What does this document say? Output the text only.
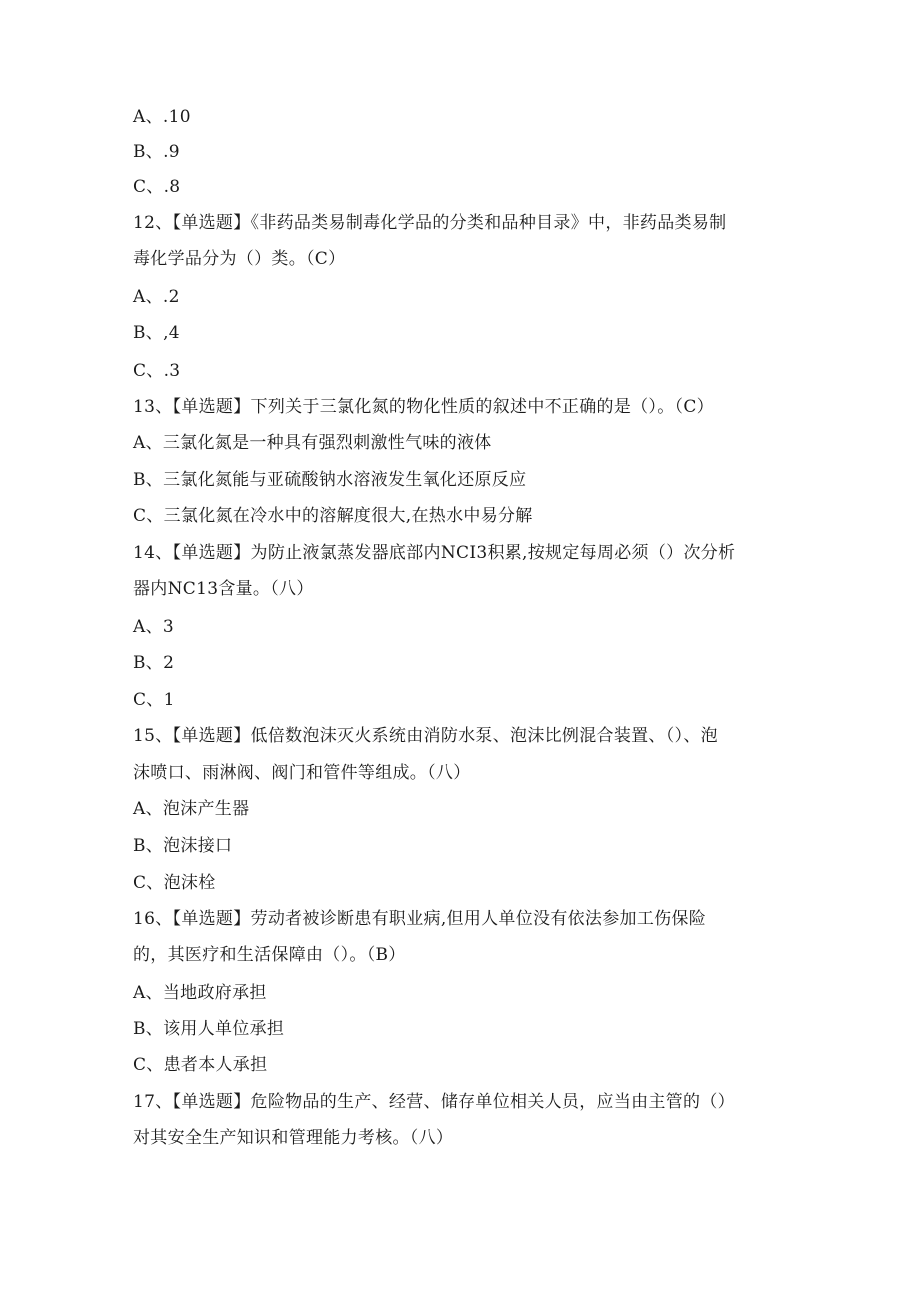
A、.10

B、.9

C、.8

12、【单选题】《非药品类易制毒化学品的分类和品种目录》中，非药品类易制

毒化学品分为（）类。（C）

A、.2

B、,4

C、.3

13、【单选题】下列关于三氯化氮的物化性质的叙述中不正确的是（）。（C）

A、三氯化氮是一种具有强烈刺激性气味的液体

B、三氯化氮能与亚硫酸钠水溶液发生氧化还原反应

C、三氯化氮在冷水中的溶解度很大,在热水中易分解

14、【单选题】为防止液氯蒸发器底部内NCI3积累,按规定每周必须（）次分析

器内NC13含量。（八）

A、3

B、2

C、1

15、【单选题】低倍数泡沫灭火系统由消防水泵、泡沫比例混合装置、（）、泡

沫喷口、雨淋阀、阀门和管件等组成。（八）

A、泡沫产生器

B、泡沫接口

C、泡沫栓

16、【单选题】劳动者被诊断患有职业病,但用人单位没有依法参加工伤保险

的，其医疗和生活保障由（）。（B）

A、当地政府承担

B、该用人单位承担

C、患者本人承担

17、【单选题】危险物品的生产、经营、储存单位相关人员，应当由主管的（）

对其安全生产知识和管理能力考核。（八）
